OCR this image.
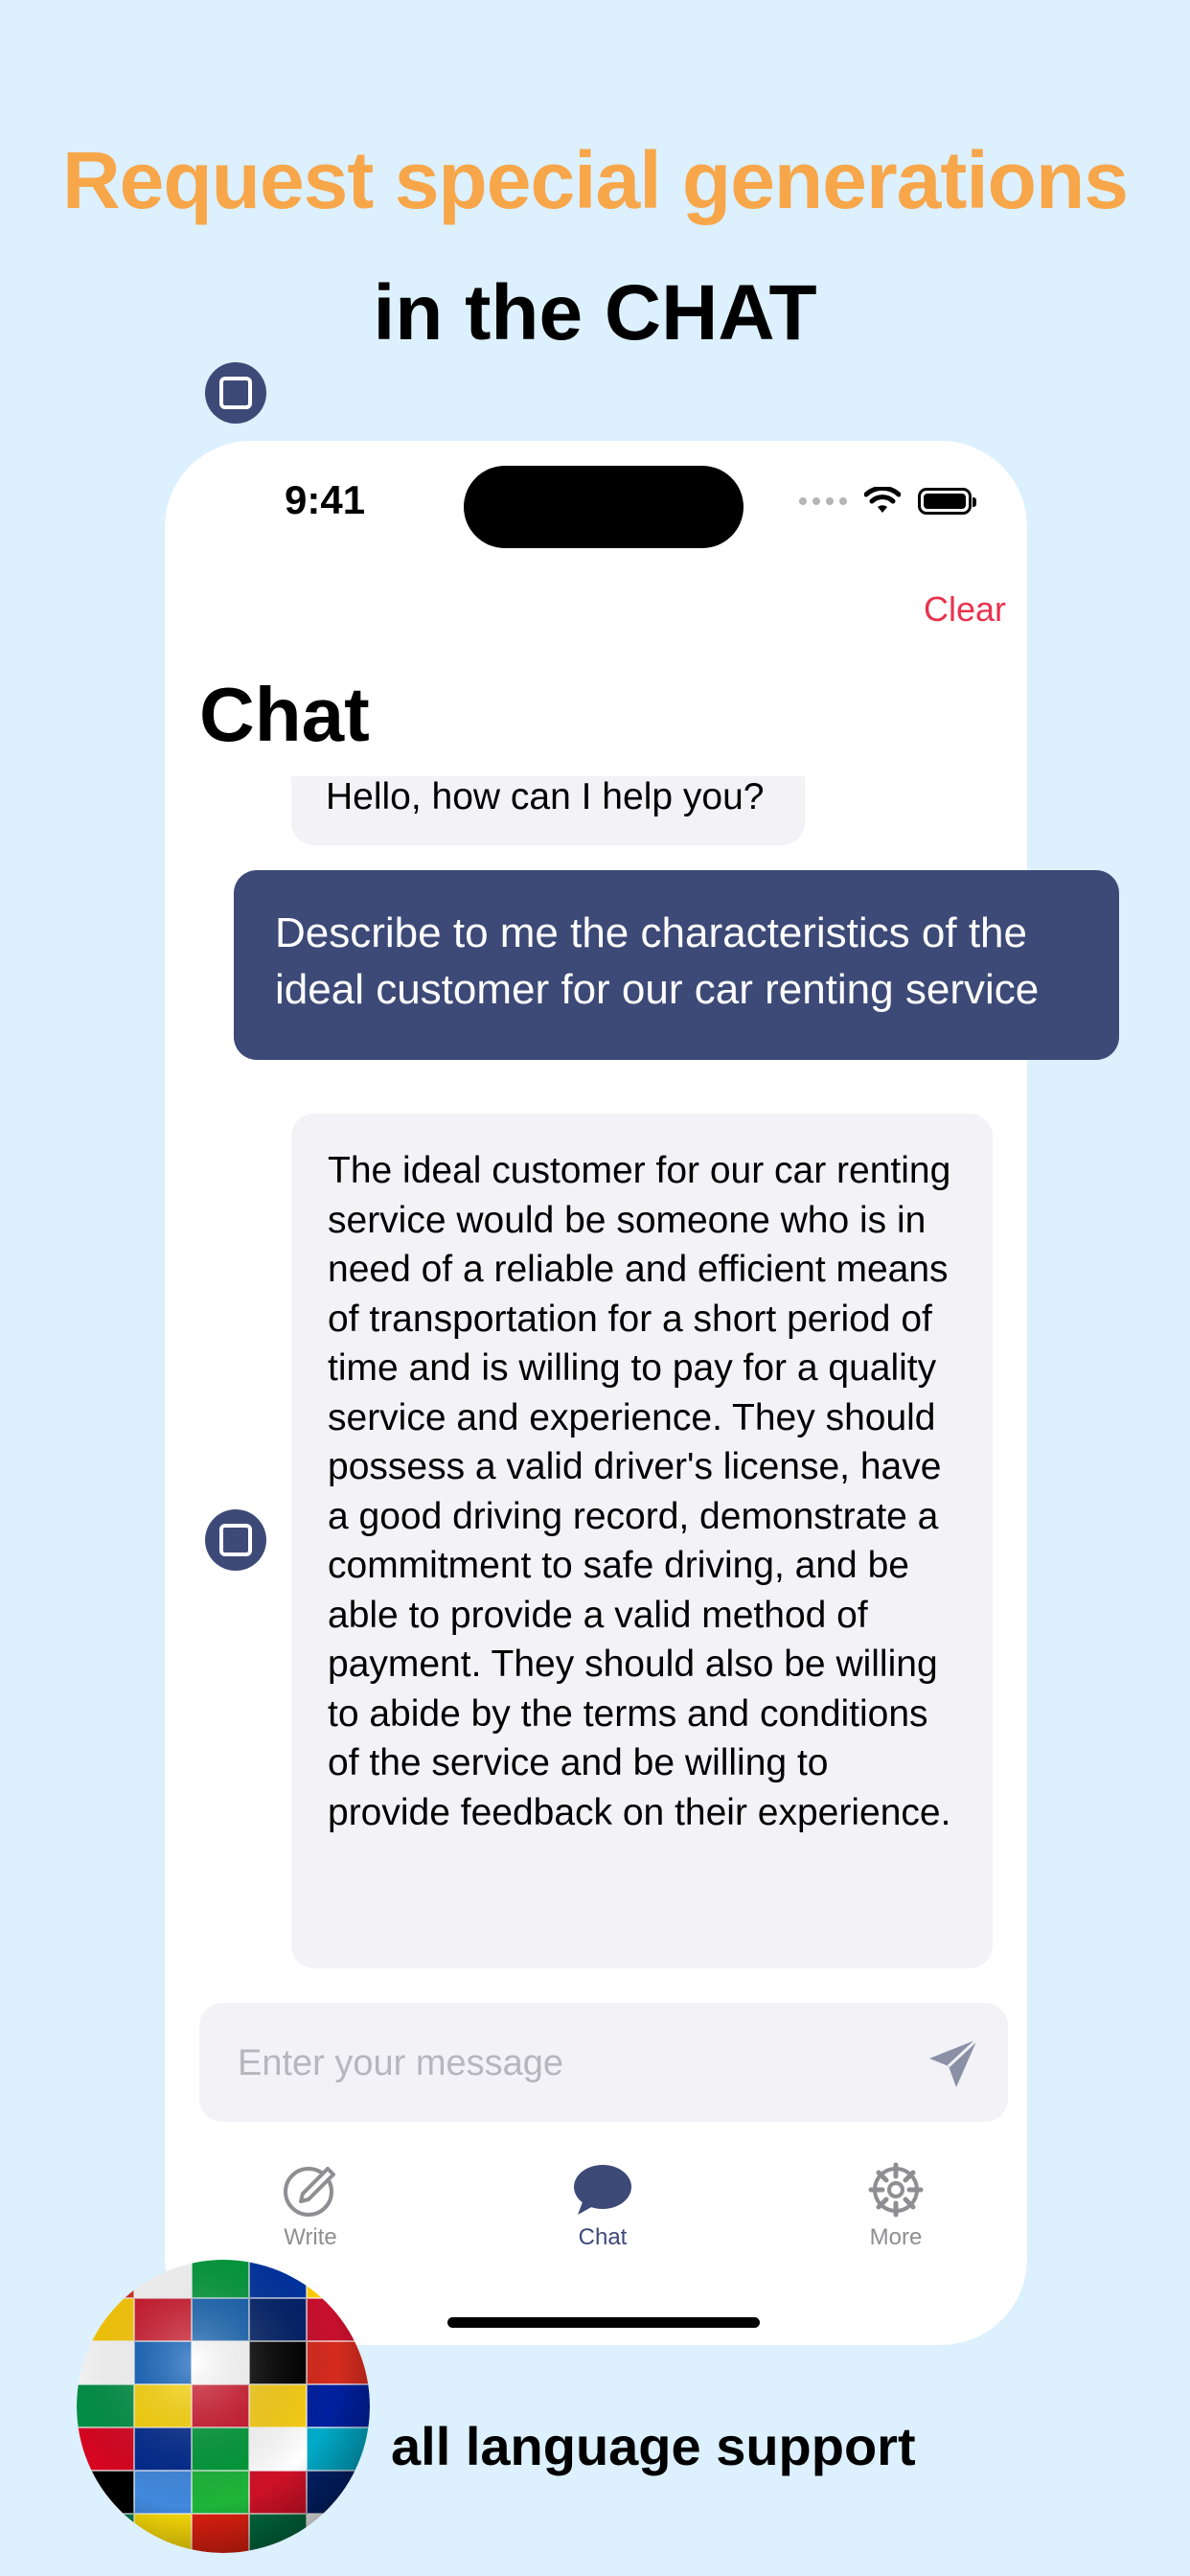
Request special generations
in the CHAT
9:41
Clear
Chat
Hello, how can I help you?
Describe to me the characteristics of the ideal customer for our car renting service
The ideal customer for our car renting service would be someone who is in need of a reliable and efficient means of transportation for a short period of time and is willing to pay for a quality service and experience. They should possess a valid driver's license, have a good driving record, demonstrate a commitment to safe driving, and be able to provide a valid method of payment. They should also be willing to abide by the terms and conditions of the service and be willing to provide feedback on their experience.
Enter your message
Write	Chat	More
all language support
